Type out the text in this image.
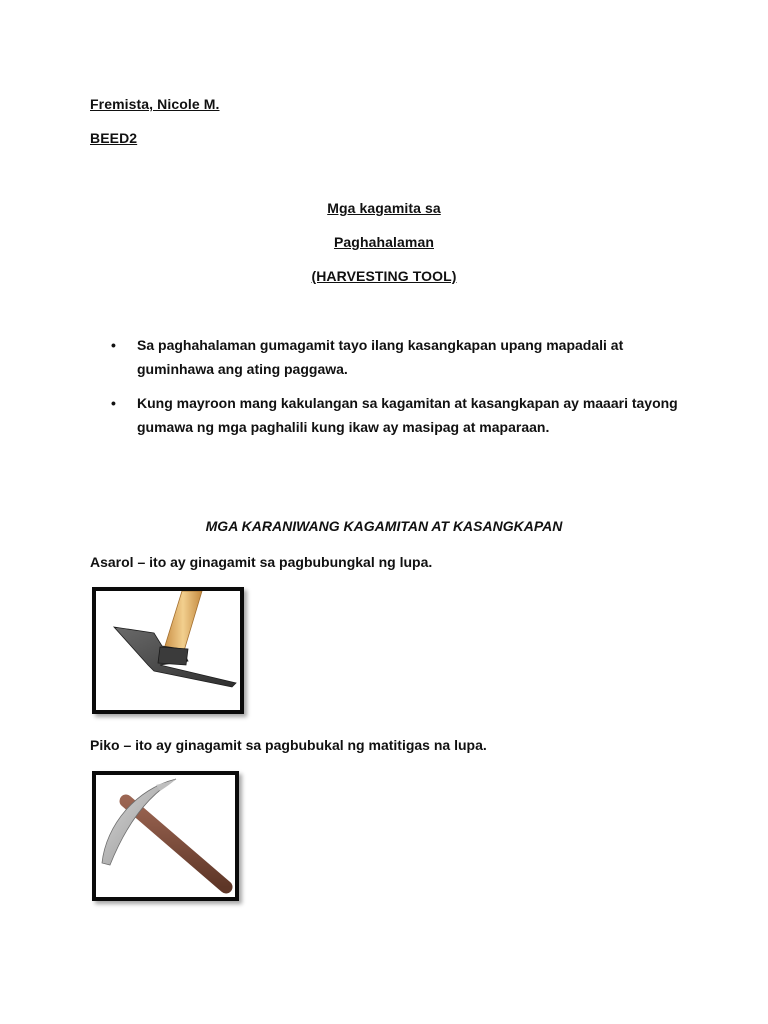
Fremista, Nicole M.
BEED2
Mga kagamita sa
Paghahalaman
(HARVESTING TOOL)
• Sa paghahalaman gumagamit tayo ilang kasangkapan upang mapadali at guminhawa ang ating paggawa.
• Kung mayroon mang kakulangan sa kagamitan at kasangkapan ay maaari tayong gumawa ng mga paghalili kung ikaw ay masipag at maparaan.
MGA KARANIWANG KAGAMITAN AT KASANGKAPAN
Asarol – ito ay ginagamit sa pagbubungkal ng lupa.
Piko – ito ay ginagamit sa pagbubukal ng matitigas na lupa.
